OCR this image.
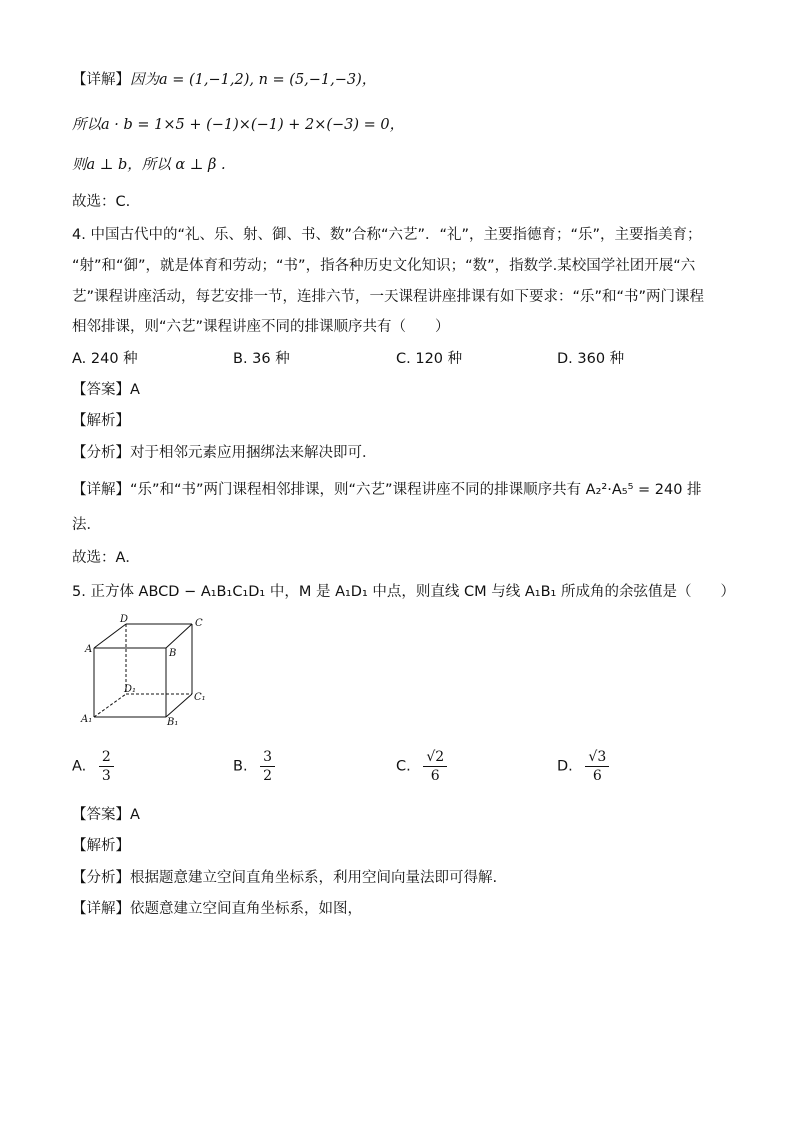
【详解】因为a = (1,−1,2), n = (5,−1,−3)，
所以a · b = 1×5 + (−1)×(−1) + 2×(−3) = 0，
则a ⊥ b，所以 α ⊥ β .
故选：C.
4. 中国古代中的“礼、乐、射、御、书、数”合称“六艺”．“礼”，主要指德育；“乐”，主要指美育；
“射”和“御”，就是体育和劳动；“书”，指各种历史文化知识；“数”，指数学.某校国学社团开展“六
艺”课程讲座活动，每艺安排一节，连排六节，一天课程讲座排课有如下要求：“乐”和“书”两门课程
相邻排课，则“六艺”课程讲座不同的排课顺序共有（　　）
A. 240 种	B. 36 种	C. 120 种	D. 360 种
【答案】A
【解析】
【分析】对于相邻元素应用捆绑法来解决即可．
【详解】“乐”和“书”两门课程相邻排课，则“六艺”课程讲座不同的排课顺序共有 A₂²·A₅⁵ = 240 排
法．
故选：A．
5. 正方体 ABCD − A₁B₁C₁D₁ 中，M 是 A₁D₁ 中点，则直线 CM 与线 A₁B₁ 所成角的余弦值是（　　）
D	C
A	B
D₁
C₁
A₁	B₁
A. $\frac{2}{3}$	B. $\frac{3}{2}$	C. $\frac{√2}{6}$	D. $\frac{√3}{6}$
【答案】A
【解析】
【分析】根据题意建立空间直角坐标系，利用空间向量法即可得解.
【详解】依题意建立空间直角坐标系，如图，
